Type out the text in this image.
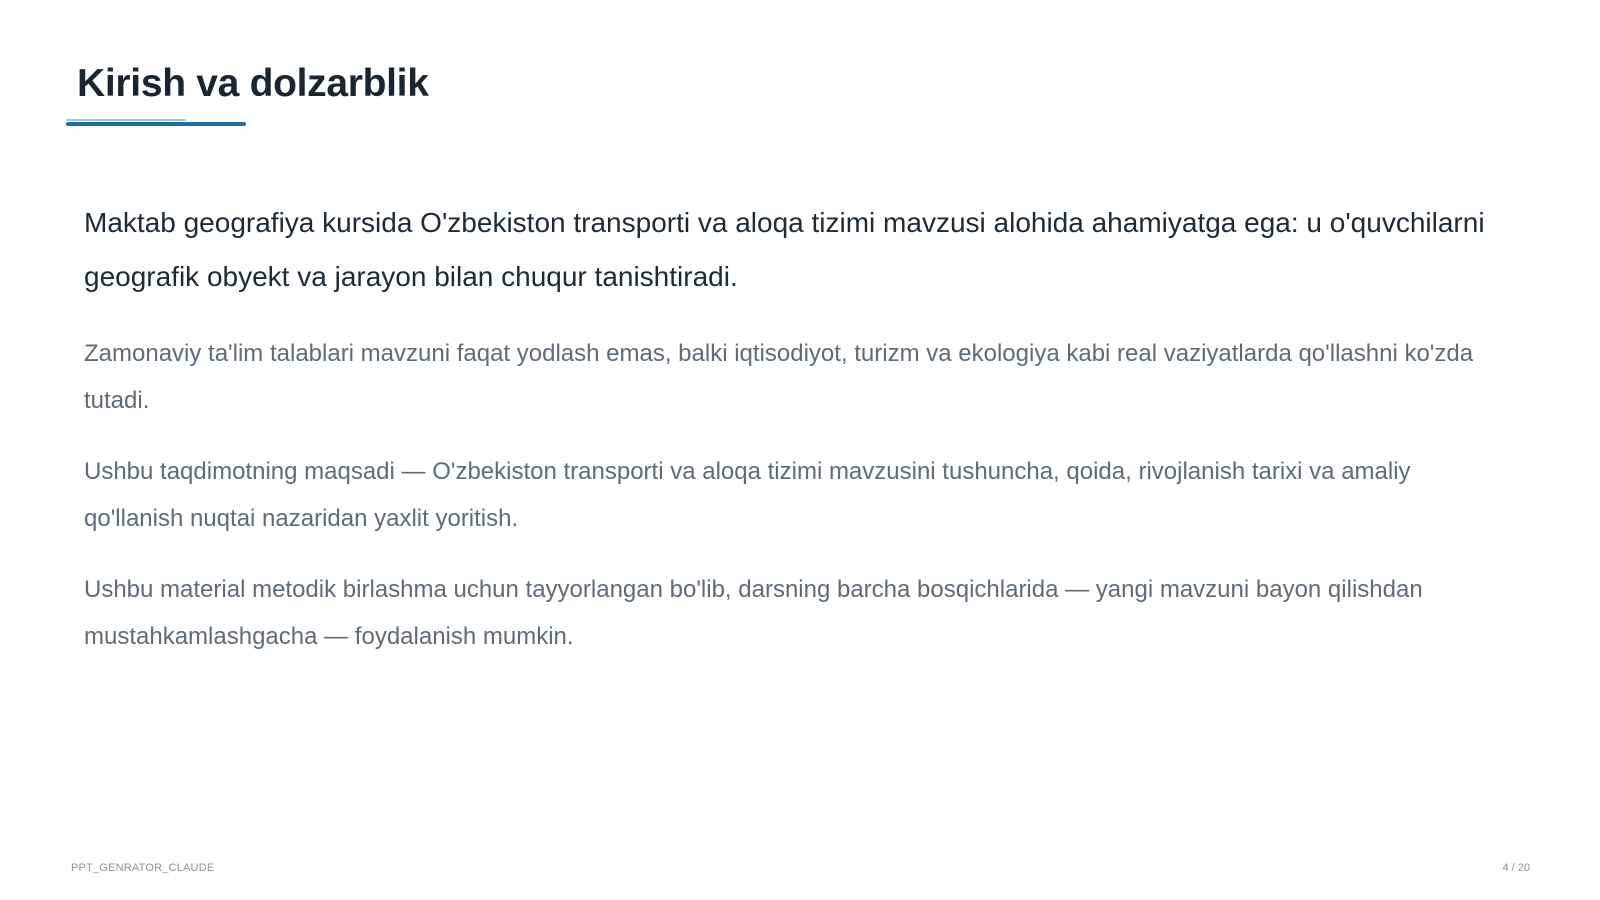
Kirish va dolzarblik

Maktab geografiya kursida O'zbekiston transporti va aloqa tizimi mavzusi alohida ahamiyatga ega: u o'quvchilarni geografik obyekt va jarayon bilan chuqur tanishtiradi.

Zamonaviy ta'lim talablari mavzuni faqat yodlash emas, balki iqtisodiyot, turizm va ekologiya kabi real vaziyatlarda qo'llashni ko'zda tutadi.

Ushbu taqdimotning maqsadi — O'zbekiston transporti va aloqa tizimi mavzusini tushuncha, qoida, rivojlanish tarixi va amaliy qo'llanish nuqtai nazaridan yaxlit yoritish.

Ushbu material metodik birlashma uchun tayyorlangan bo'lib, darsning barcha bosqichlarida — yangi mavzuni bayon qilishdan mustahkamlashgacha — foydalanish mumkin.

PPT_GENRATOR_CLAUDE	4 / 20
